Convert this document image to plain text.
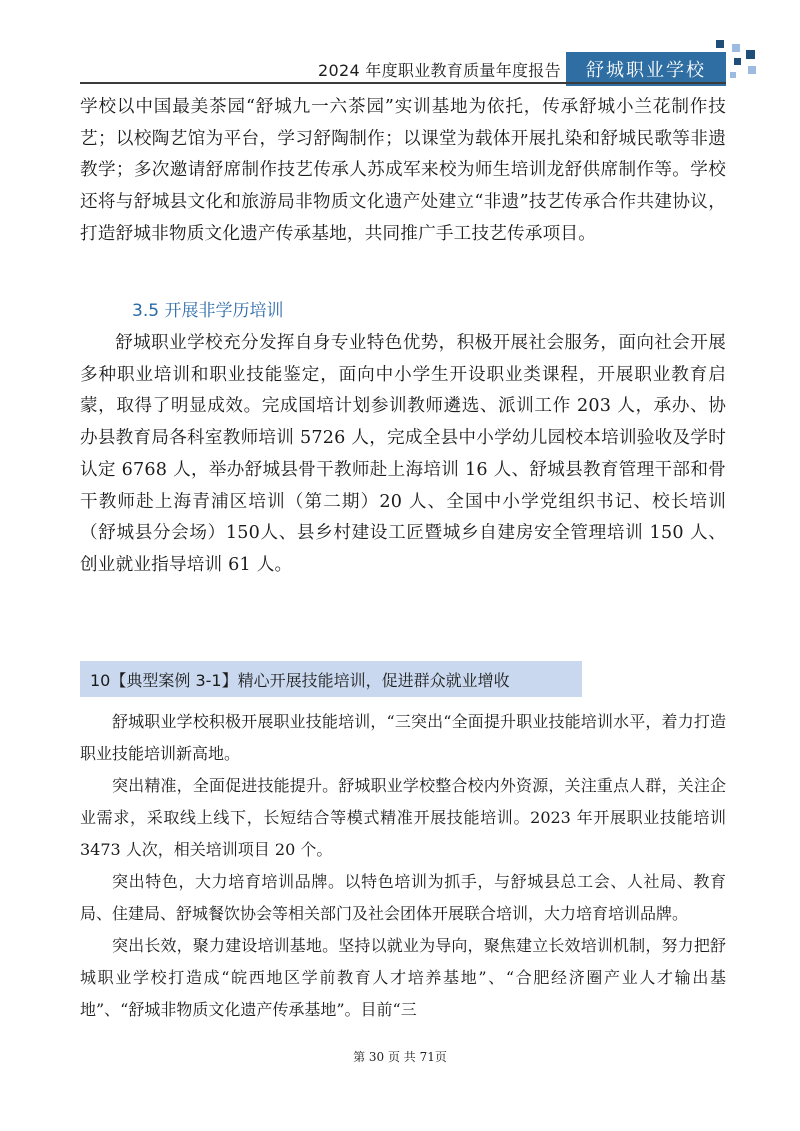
2024 年度职业教育质量年度报告	舒城职业学校

学校以中国最美茶园“舒城九一六茶园”实训基地为依托，传承舒城小兰花制作技艺；以校陶艺馆为平台，学习舒陶制作；以课堂为载体开展扎染和舒城民歌等非遗教学；多次邀请舒席制作技艺传承人苏成军来校为师生培训龙舒供席制作等。学校还将与舒城县文化和旅游局非物质文化遗产处建立“非遗”技艺传承合作共建协议，打造舒城非物质文化遗产传承基地，共同推广手工技艺传承项目。

3.5 开展非学历培训

舒城职业学校充分发挥自身专业特色优势，积极开展社会服务，面向社会开展多种职业培训和职业技能鉴定，面向中小学生开设职业类课程，开展职业教育启蒙，取得了明显成效。完成国培计划参训教师遴选、派训工作 203 人，承办、协办县教育局各科室教师培训 5726 人，完成全县中小学幼儿园校本培训验收及学时认定 6768 人，举办舒城县骨干教师赴上海培训 16 人、舒城县教育管理干部和骨干教师赴上海青浦区培训（第二期）20 人、全国中小学党组织书记、校长培训（舒城县分会场）150人、县乡村建设工匠暨城乡自建房安全管理培训 150 人、创业就业指导培训 61 人。

10【典型案例 3-1】精心开展技能培训，促进群众就业增收

舒城职业学校积极开展职业技能培训，“三突出“全面提升职业技能培训水平，着力打造职业技能培训新高地。

突出精准，全面促进技能提升。舒城职业学校整合校内外资源，关注重点人群，关注企业需求，采取线上线下，长短结合等模式精准开展技能培训。2023 年开展职业技能培训 3473 人次，相关培训项目 20 个。

突出特色，大力培育培训品牌。以特色培训为抓手，与舒城县总工会、人社局、教育局、住建局、舒城餐饮协会等相关部门及社会团体开展联合培训，大力培育培训品牌。

突出长效，聚力建设培训基地。坚持以就业为导向，聚焦建立长效培训机制，努力把舒城职业学校打造成“皖西地区学前教育人才培养基地”、“合肥经济圈产业人才输出基地”、“舒城非物质文化遗产传承基地”。目前“三

第 30 页 共 71页
